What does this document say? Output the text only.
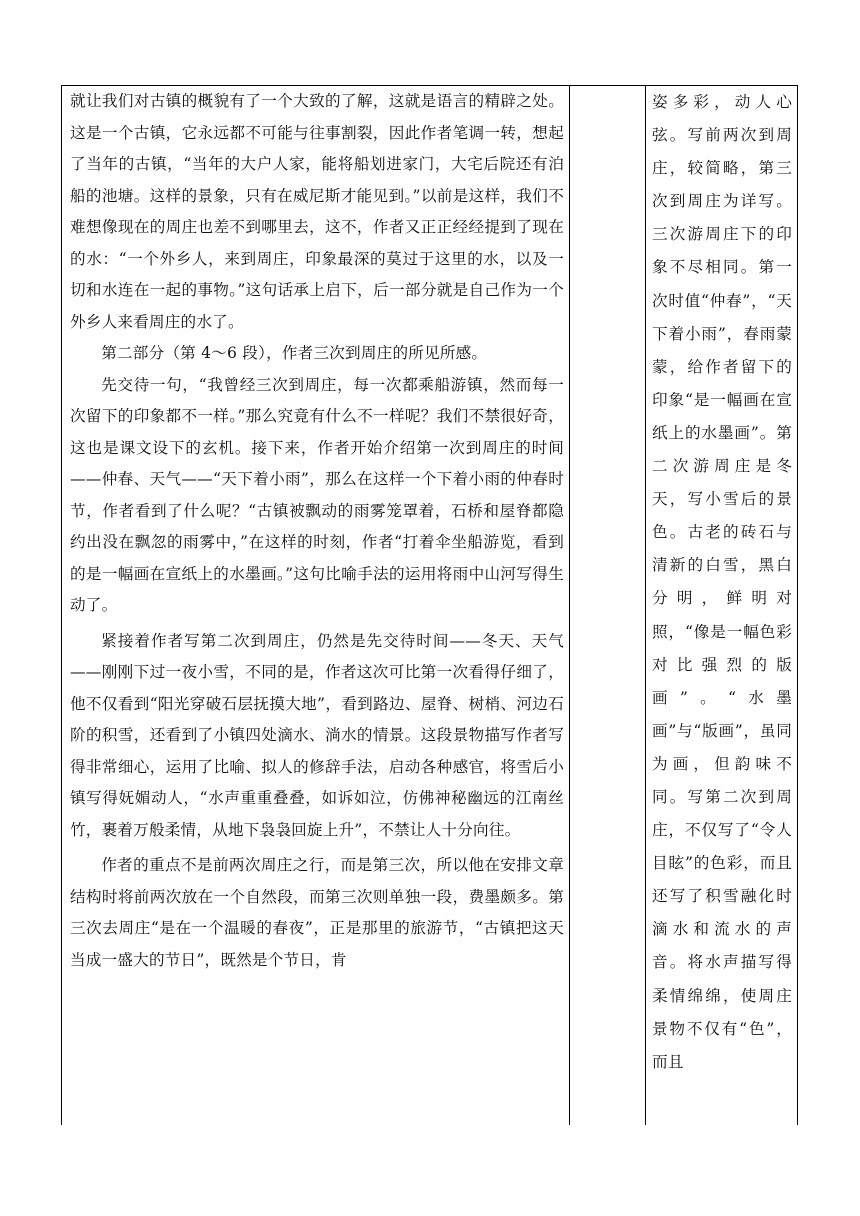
就让我们对古镇的概貌有了一个大致的了解，这就是语言的精辟之处。这是一个古镇，它永远都不可能与往事割裂，因此作者笔调一转，想起了当年的古镇，“当年的大户人家，能将船划进家门，大宅后院还有泊船的池塘。这样的景象，只有在威尼斯才能见到。”以前是这样，我们不难想像现在的周庄也差不到哪里去，这不，作者又正正经经提到了现在的水：“一个外乡人，来到周庄，印象最深的莫过于这里的水，以及一切和水连在一起的事物。”这句话承上启下，后一部分就是自己作为一个外乡人来看周庄的水了。

第二部分（第 4～6 段），作者三次到周庄的所见所感。

先交待一句，“我曾经三次到周庄，每一次都乘船游镇，然而每一次留下的印象都不一样。”那么究竟有什么不一样呢？我们不禁很好奇，这也是课文设下的玄机。接下来，作者开始介绍第一次到周庄的时间——仲春、天气——“天下着小雨”，那么在这样一个下着小雨的仲春时节，作者看到了什么呢？“古镇被飘动的雨雾笼罩着，石桥和屋脊都隐约出没在飘忽的雨雾中，”在这样的时刻，作者“打着伞坐船游览，看到的是一幅画在宣纸上的水墨画。”这句比喻手法的运用将雨中山河写得生动了。

紧接着作者写第二次到周庄，仍然是先交待时间——冬天、天气——刚刚下过一夜小雪，不同的是，作者这次可比第一次看得仔细了，他不仅看到“阳光穿破石层抚摸大地”，看到路边、屋脊、树梢、河边石阶的积雪，还看到了小镇四处滴水、淌水的情景。这段景物描写作者写得非常细心，运用了比喻、拟人的修辞手法，启动各种感官，将雪后小镇写得妩媚动人，“水声重重叠叠，如诉如泣，仿佛神秘幽远的江南丝竹，裹着万般柔情，从地下袅袅回旋上升”，不禁让人十分向往。

作者的重点不是前两次周庄之行，而是第三次，所以他在安排文章结构时将前两次放在一个自然段，而第三次则单独一段，费墨颇多。第三次去周庄“是在一个温暖的春夜”，正是那里的旅游节，“古镇把这天当成一盛大的节日”，既然是个节日，肯

姿多彩，动人心弦。写前两次到周庄，较简略，第三次到周庄为详写。三次游周庄下的印象不尽相同。第一次时值“仲春”，“天下着小雨”，春雨蒙蒙，给作者留下的印象“是一幅画在宣纸上的水墨画”。第二次游周庄是冬天，写小雪后的景色。古老的砖石与清新的白雪，黑白分明，鲜明对照，“像是一幅色彩对比强烈的版画”。“水墨画”与“版画”，虽同为画，但韵味不同。写第二次到周庄，不仅写了“令人目眩”的色彩，而且还写了积雪融化时滴水和流水的声音。将水声描写得柔情绵绵，使周庄景物不仅有“色”，而且
